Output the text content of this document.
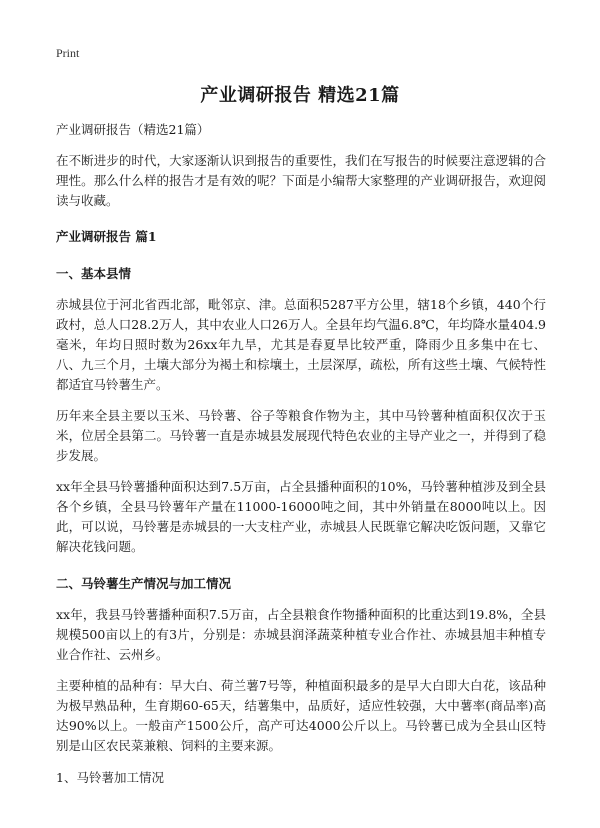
Print
产业调研报告 精选21篇

产业调研报告（精选21篇）

在不断进步的时代，大家逐渐认识到报告的重要性，我们在写报告的时候要注意逻辑的合理性。那么什么样的报告才是有效的呢？下面是小编帮大家整理的产业调研报告，欢迎阅读与收藏。

产业调研报告 篇1

一、基本县情

赤城县位于河北省西北部，毗邻京、津。总面积5287平方公里，辖18个乡镇，440个行政村，总人口28.2万人，其中农业人口26万人。全县年均气温6.8℃，年均降水量404.9毫米，年均日照时数为26xx年九旱，尤其是春夏旱比较严重，降雨少且多集中在七、八、九三个月，土壤大部分为褐土和棕壤土，土层深厚，疏松，所有这些土壤、气候特性都适宜马铃薯生产。

历年来全县主要以玉米、马铃薯、谷子等粮食作物为主，其中马铃薯种植面积仅次于玉米，位居全县第二。马铃薯一直是赤城县发展现代特色农业的主导产业之一，并得到了稳步发展。

xx年全县马铃薯播种面积达到7.5万亩，占全县播种面积的10%，马铃薯种植涉及到全县各个乡镇，全县马铃薯年产量在11000-16000吨之间，其中外销量在8000吨以上。因此，可以说，马铃薯是赤城县的一大支柱产业，赤城县人民既靠它解决吃饭问题，又靠它解决花钱问题。

二、马铃薯生产情况与加工情况

xx年，我县马铃薯播种面积7.5万亩，占全县粮食作物播种面积的比重达到19.8%，全县规模500亩以上的有3片，分别是：赤城县润泽蔬菜种植专业合作社、赤城县旭丰种植专业合作社、云州乡。

主要种植的品种有：早大白、荷兰薯7号等，种植面积最多的是早大白即大白花，该品种为极早熟品种，生育期60-65天，结薯集中，品质好，适应性较强，大中薯率(商品率)高达90%以上。一般亩产1500公斤，高产可达4000公斤以上。马铃薯已成为全县山区特别是山区农民菜兼粮、饲料的主要来源。

1、马铃薯加工情况
